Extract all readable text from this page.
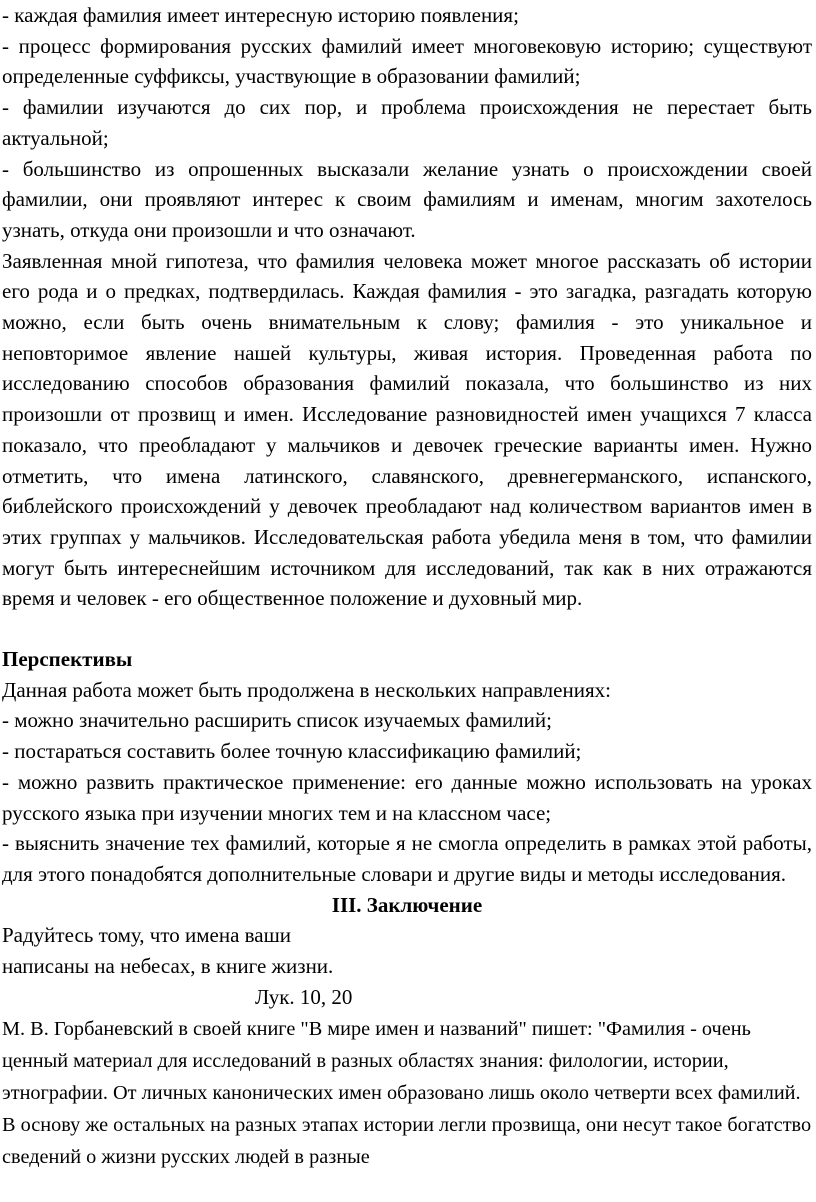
- каждая фамилия имеет интересную историю появления;

- процесс формирования русских фамилий имеет многовековую историю; существуют определенные суффиксы, участвующие в образовании фамилий;

- фамилии изучаются до сих пор, и проблема происхождения не перестает быть актуальной;

- большинство из опрошенных высказали желание узнать о происхождении своей фамилии, они проявляют интерес к своим фамилиям и именам, многим захотелось узнать, откуда они произошли и что означают.

Заявленная мной гипотеза, что фамилия человека может многое рассказать об истории его рода и о предках, подтвердилась. Каждая фамилия - это загадка, разгадать которую можно, если быть очень внимательным к слову; фамилия - это уникальное и неповторимое явление нашей культуры, живая история. Проведенная работа по исследованию способов образования фамилий показала, что большинство из них произошли от прозвищ и имен. Исследование разновидностей имен учащихся 7 класса показало, что преобладают у мальчиков и девочек греческие варианты имен. Нужно отметить, что имена латинского, славянского, древнегерманского, испанского, библейского происхождений у девочек преобладают над количеством вариантов имен в этих группах у мальчиков. Исследовательская работа убедила меня в том, что фамилии могут быть интереснейшим источником для исследований, так как в них отражаются время и человек - его общественное положение и духовный мир.

Перспективы

Данная работа может быть продолжена в нескольких направлениях:

- можно значительно расширить список изучаемых фамилий;

- постараться составить более точную классификацию фамилий;

- можно развить практическое применение: его данные можно использовать на уроках русского языка при изучении многих тем и на классном часе;

- выяснить значение тех фамилий, которые я не смогла определить в рамках этой работы, для этого понадобятся дополнительные словари и другие виды и методы исследования.

III. Заключение

Радуйтесь тому, что имена ваши

написаны на небесах, в книге жизни.

Лук. 10, 20

М. В. Горбаневский в своей книге "В мире имен и названий" пишет: "Фамилия - очень ценный материал для исследований в разных областях знания: филологии, истории, этнографии. От личных канонических имен образовано лишь около четверти всех фамилий. В основу же остальных на разных этапах истории легли прозвища, они несут такое богатство сведений о жизни русских людей в разные
